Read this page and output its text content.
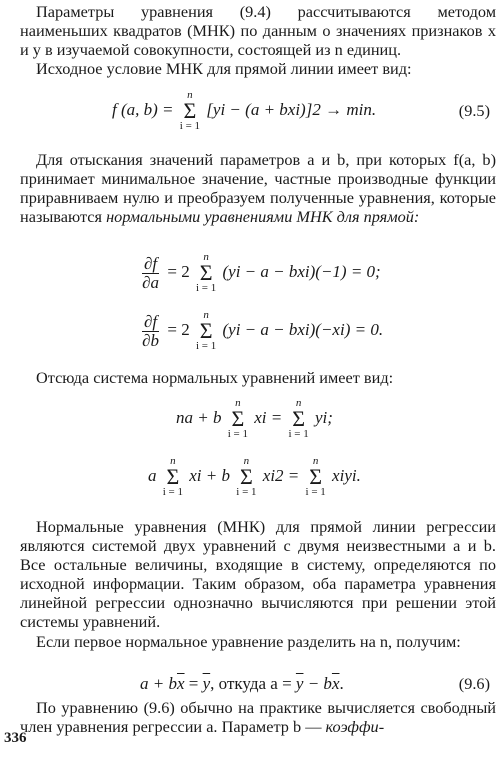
Параметры уравнения (9.4) рассчитываются методом наименьших квадратов (МНК) по данным о значениях признаков x и y в изучаемой совокупности, состоящей из n единиц.
Исходное условие МНК для прямой линии имеет вид:
f (a, b) =
n
Σ
i = 1
[yi − (a + bxi)]2 → min.	(9.5)
Для отыскания значений параметров a и b, при которых f(a, b) принимает минимальное значение, частные производные функции приравниваем нулю и преобразуем полученные уравнения, которые называются нормальными уравнениями МНК для прямой:
$\frac{\partial f}{\partial a} = 2$
n
Σ
i = 1
(yi − a − bxi)(−1) = 0;
$\frac{\partial f}{\partial b} = 2$
n
Σ
i = 1
(yi − a − bxi)(−xi) = 0.
Отсюда система нормальных уравнений имеет вид:
na + b
n
Σ
i = 1
xi =
n
Σ
i = 1
yi;
a
n
Σ
i = 1
xi + b
n
Σ
i = 1
xi2 =
n
Σ
i = 1
xiyi.
Нормальные уравнения (МНК) для прямой линии регрессии являются системой двух уравнений с двумя неизвестными a и b. Все остальные величины, входящие в систему, определяются по исходной информации. Таким образом, оба параметра уравнения линейной регрессии однозначно вычисляются при решении этой системы уравнений.
Если первое нормальное уравнение разделить на n, получим:
$a + b\overline{x} = \overline{y}$, откуда $a = \overline{y} - b\overline{x}$.	(9.6)
По уравнению (9.6) обычно на практике вычисляется свободный член уравнения регрессии a. Параметр b — коэффи-
336
